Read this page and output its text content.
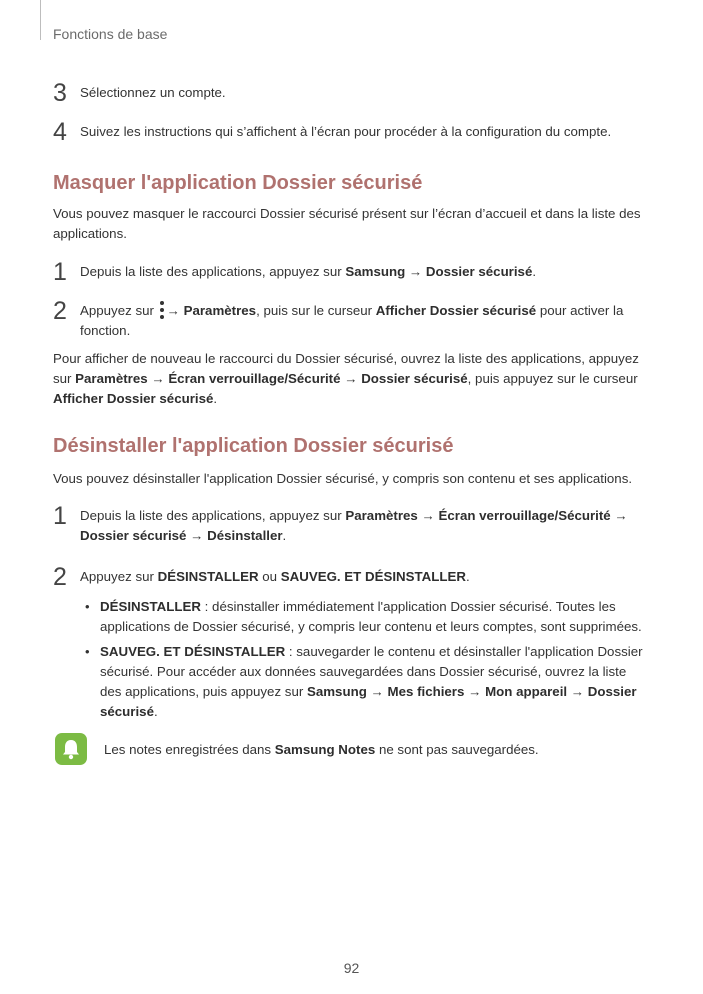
Fonctions de base
3 Sélectionnez un compte.
4 Suivez les instructions qui s’affichent à l’écran pour procéder à la configuration du compte.
Masquer l'application Dossier sécurisé
Vous pouvez masquer le raccourci Dossier sécurisé présent sur l’écran d’accueil et dans la liste des
applications.
1 Depuis la liste des applications, appuyez sur Samsung → Dossier sécurisé.
2 Appuyez sur
→ Paramètres, puis sur le curseur Afficher Dossier sécurisé pour activer la
fonction.
Pour afficher de nouveau le raccourci du Dossier sécurisé, ouvrez la liste des applications, appuyez
sur Paramètres → Écran verrouillage/Sécurité → Dossier sécurisé, puis appuyez sur le curseur
Afficher Dossier sécurisé.
Désinstaller l'application Dossier sécurisé
Vous pouvez désinstaller l'application Dossier sécurisé, y compris son contenu et ses applications.
1 Depuis la liste des applications, appuyez sur Paramètres → Écran verrouillage/Sécurité →
Dossier sécurisé → Désinstaller.
2 Appuyez sur DÉSINSTALLER ou SAUVEG. ET DÉSINSTALLER.
• DÉSINSTALLER : désinstaller immédiatement l'application Dossier sécurisé. Toutes les
applications de Dossier sécurisé, y compris leur contenu et leurs comptes, sont supprimées.
• SAUVEG. ET DÉSINSTALLER : sauvegarder le contenu et désinstaller l'application Dossier
sécurisé. Pour accéder aux données sauvegardées dans Dossier sécurisé, ouvrez la liste
des applications, puis appuyez sur Samsung → Mes fichiers → Mon appareil → Dossier
sécurisé.
Les notes enregistrées dans Samsung Notes ne sont pas sauvegardées.
92
